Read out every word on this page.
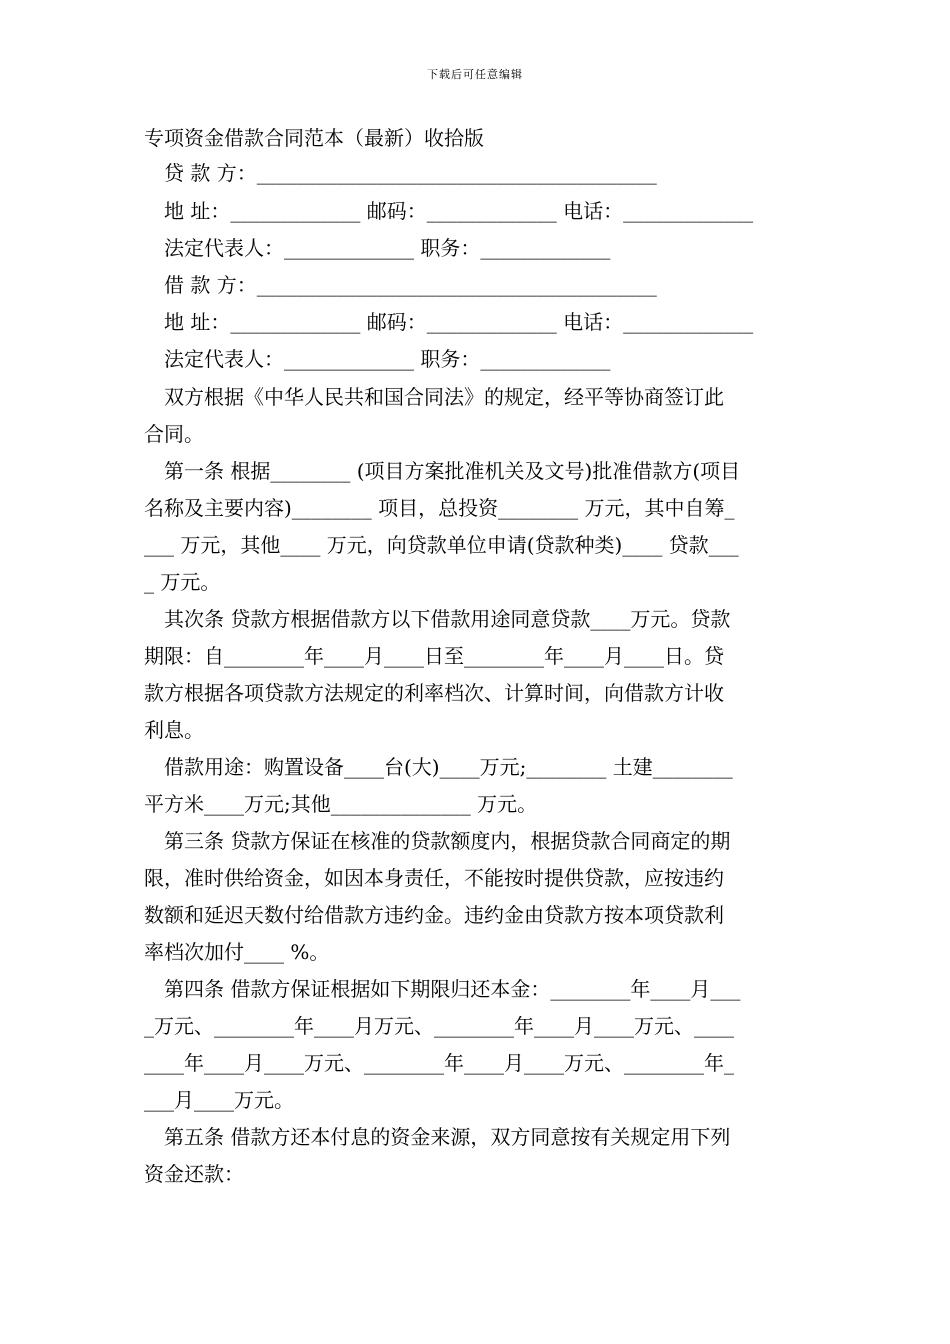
下载后可任意编辑
专项资金借款合同范本（最新）收拾版
贷 款 方：________________________________________
地 址：_____________ 邮码：_____________ 电话：_____________
法定代表人：_____________ 职务：_____________
借 款 方：________________________________________
地 址：_____________ 邮码：_____________ 电话：_____________
法定代表人：_____________ 职务：_____________
双方根据《中华人民共和国合同法》的规定，经平等协商签订此
合同。
第一条 根据________ (项目方案批准机关及文号)批准借款方(项目
名称及主要内容)________ 项目，总投资________ 万元，其中自筹_
___ 万元，其他____ 万元，向贷款单位申请(贷款种类)____ 贷款___
_ 万元。
其次条 贷款方根据借款方以下借款用途同意贷款____万元。贷款
期限：自________年____月____日至________年____月____日。贷
款方根据各项贷款方法规定的利率档次、计算时间，向借款方计收
利息。
借款用途：购置设备____台(大)____万元;________ 土建________
平方米____万元;其他______________ 万元。
第三条 贷款方保证在核准的贷款额度内，根据贷款合同商定的期
限，准时供给资金，如因本身责任，不能按时提供贷款，应按违约
数额和延迟天数付给借款方违约金。违约金由贷款方按本项贷款利
率档次加付____ %。
第四条 借款方保证根据如下期限归还本金：________年____月___
_万元、________年____月万元、________年____月____万元、____
____年____月____万元、________年____月____万元、________年_
___月____万元。
第五条 借款方还本付息的资金来源，双方同意按有关规定用下列
资金还款：
